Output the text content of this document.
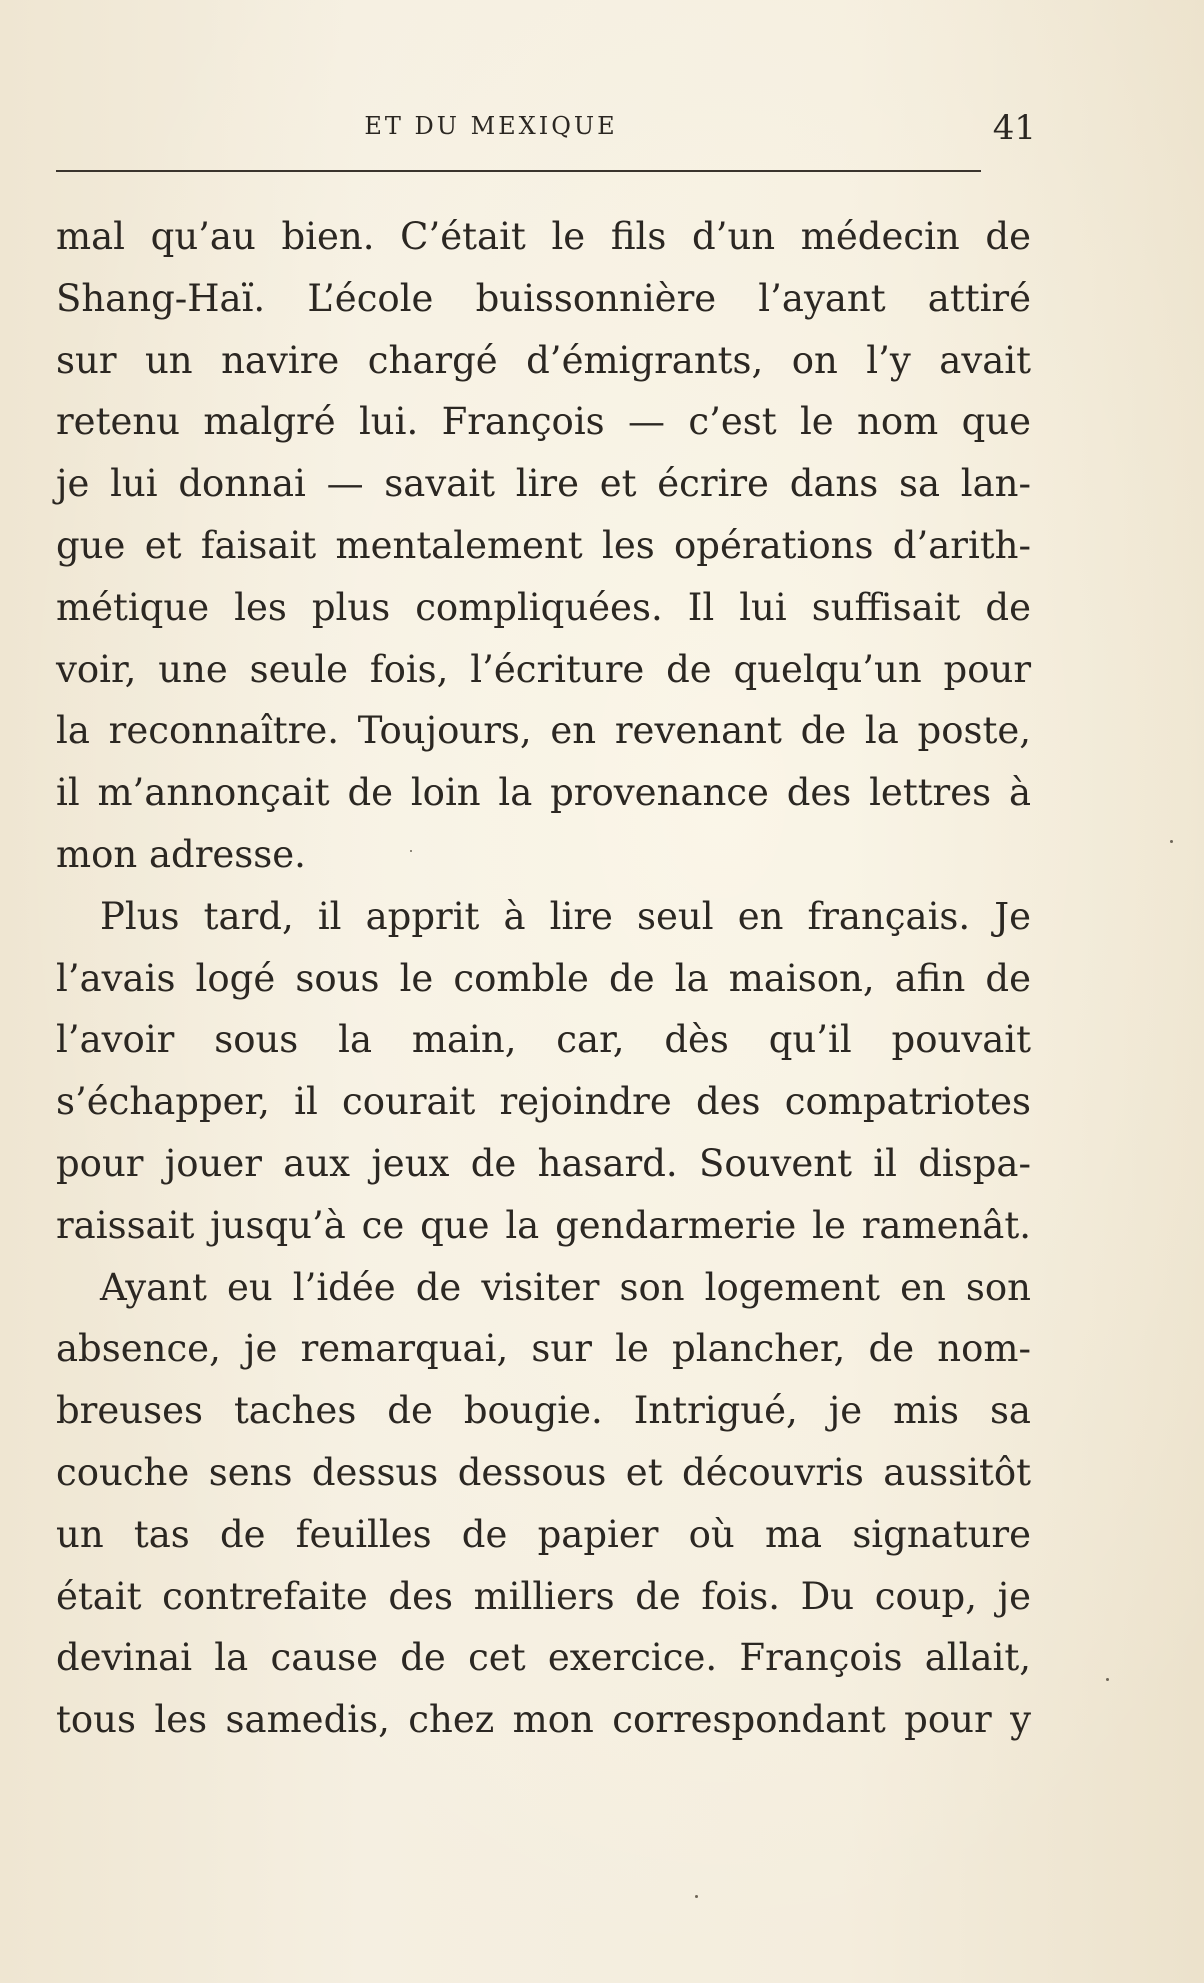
ET DU MEXIQUE	41
mal qu’au bien. C’était le fils d’un médecin de
Shang-Haï. L’école buissonnière l’ayant attiré
sur un navire chargé d’émigrants, on l’y avait
retenu malgré lui. François — c’est le nom que
je lui donnai — savait lire et écrire dans sa lan-
gue et faisait mentalement les opérations d’arith-
métique les plus compliquées. Il lui suffisait de
voir, une seule fois, l’écriture de quelqu’un pour
la reconnaître. Toujours, en revenant de la poste,
il m’annonçait de loin la provenance des lettres à
mon adresse.
Plus tard, il apprit à lire seul en français. Je
l’avais logé sous le comble de la maison, afin de
l’avoir sous la main, car, dès qu’il pouvait
s’échapper, il courait rejoindre des compatriotes
pour jouer aux jeux de hasard. Souvent il dispa-
raissait jusqu’à ce que la gendarmerie le ramenât.
Ayant eu l’idée de visiter son logement en son
absence, je remarquai, sur le plancher, de nom-
breuses taches de bougie. Intrigué, je mis sa
couche sens dessus dessous et découvris aussitôt
un tas de feuilles de papier où ma signature
était contrefaite des milliers de fois. Du coup, je
devinai la cause de cet exercice. François allait,
tous les samedis, chez mon correspondant pour y
